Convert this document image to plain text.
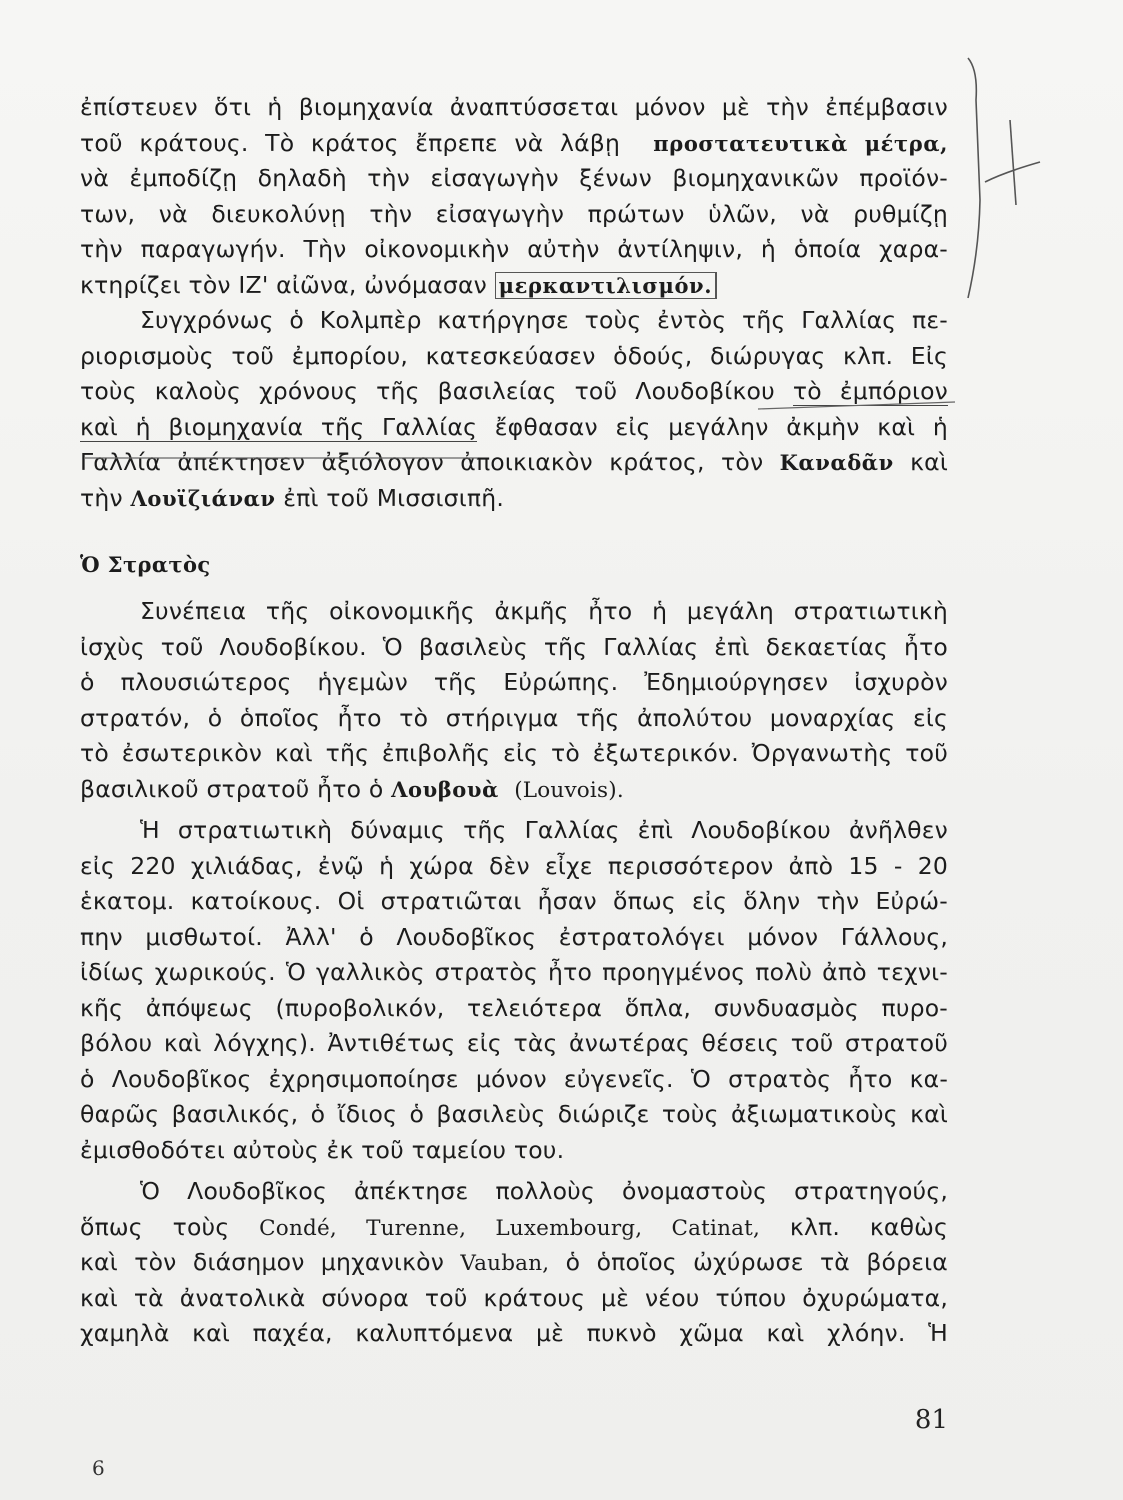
ἐπίστευεν ὅτι ἡ βιομηχανία ἀναπτύσσεται μόνον μὲ τὴν ἐπέμβασιν
τοῦ κράτους. Τὸ κράτος ἔπρεπε νὰ λάβῃ προστατευτικὰ μέτρα,
νὰ ἐμποδίζῃ δηλαδὴ τὴν εἰσαγωγὴν ξένων βιομηχανικῶν προϊόν-
των, νὰ διευκολύνῃ τὴν εἰσαγωγὴν πρώτων ὑλῶν, νὰ ρυθμίζῃ
τὴν παραγωγήν. Τὴν οἰκονομικὴν αὐτὴν ἀντίληψιν, ἡ ὁποία χαρα-
κτηρίζει τὸν ΙΖ' αἰῶνα, ὠνόμασαν μερκαντιλισμόν.
Συγχρόνως ὁ Κολμπὲρ κατήργησε τοὺς ἐντὸς τῆς Γαλλίας πε-
ριορισμοὺς τοῦ ἐμπορίου, κατεσκεύασεν ὁδούς, διώρυγας κλπ. Εἰς
τοὺς καλοὺς χρόνους τῆς βασιλείας τοῦ Λουδοβίκου τὸ ἐμπόριον
καὶ ἡ βιομηχανία τῆς Γαλλίας ἔφθασαν εἰς μεγάλην ἀκμὴν καὶ ἡ
Γαλλία ἀπέκτησεν ἀξιόλογον ἀποικιακὸν κράτος, τὸν Καναδᾶν καὶ
τὴν Λουϊζιάναν ἐπὶ τοῦ Μισσισιπῆ.
Ὁ Στρατὸς
Συνέπεια τῆς οἰκονομικῆς ἀκμῆς ἦτο ἡ μεγάλη στρατιωτικὴ
ἰσχὺς τοῦ Λουδοβίκου. Ὁ βασιλεὺς τῆς Γαλλίας ἐπὶ δεκαετίας ἦτο
ὁ πλουσιώτερος ἡγεμὼν τῆς Εὐρώπης. Ἐδημιούργησεν ἰσχυρὸν
στρατόν, ὁ ὁποῖος ἦτο τὸ στήριγμα τῆς ἀπολύτου μοναρχίας εἰς
τὸ ἐσωτερικὸν καὶ τῆς ἐπιβολῆς εἰς τὸ ἐξωτερικόν. Ὀργανωτὴς τοῦ
βασιλικοῦ στρατοῦ ἦτο ὁ Λουβουὰ (Louvois).
Ἡ στρατιωτικὴ δύναμις τῆς Γαλλίας ἐπὶ Λουδοβίκου ἀνῆλθεν
εἰς 220 χιλιάδας, ἐνῷ ἡ χώρα δὲν εἶχε περισσότερον ἀπὸ 15 - 20
ἑκατομ. κατοίκους. Οἱ στρατιῶται ἦσαν ὅπως εἰς ὅλην τὴν Εὐρώ-
πην μισθωτοί. Ἀλλ' ὁ Λουδοβῖκος ἐστρατολόγει μόνον Γάλλους,
ἰδίως χωρικούς. Ὁ γαλλικὸς στρατὸς ἦτο προηγμένος πολὺ ἀπὸ τεχνι-
κῆς ἀπόψεως (πυροβολικόν, τελειότερα ὅπλα, συνδυασμὸς πυρο-
βόλου καὶ λόγχης). Ἀντιθέτως εἰς τὰς ἀνωτέρας θέσεις τοῦ στρατοῦ
ὁ Λουδοβῖκος ἐχρησιμοποίησε μόνον εὐγενεῖς. Ὁ στρατὸς ἦτο κα-
θαρῶς βασιλικός, ὁ ἴδιος ὁ βασιλεὺς διώριζε τοὺς ἀξιωματικοὺς καὶ
ἐμισθοδότει αὐτοὺς ἐκ τοῦ ταμείου του.
Ὁ Λουδοβῖκος ἀπέκτησε πολλοὺς ὀνομαστοὺς στρατηγούς,
ὅπως τοὺς Condé, Turenne, Luxembourg, Catinat, κλπ. καθὼς
καὶ τὸν διάσημον μηχανικὸν Vauban, ὁ ὁποῖος ὠχύρωσε τὰ βόρεια
καὶ τὰ ἀνατολικὰ σύνορα τοῦ κράτους μὲ νέου τύπου ὀχυρώματα,
χαμηλὰ καὶ παχέα, καλυπτόμενα μὲ πυκνὸ χῶμα καὶ χλόην. Ἡ
81
6
